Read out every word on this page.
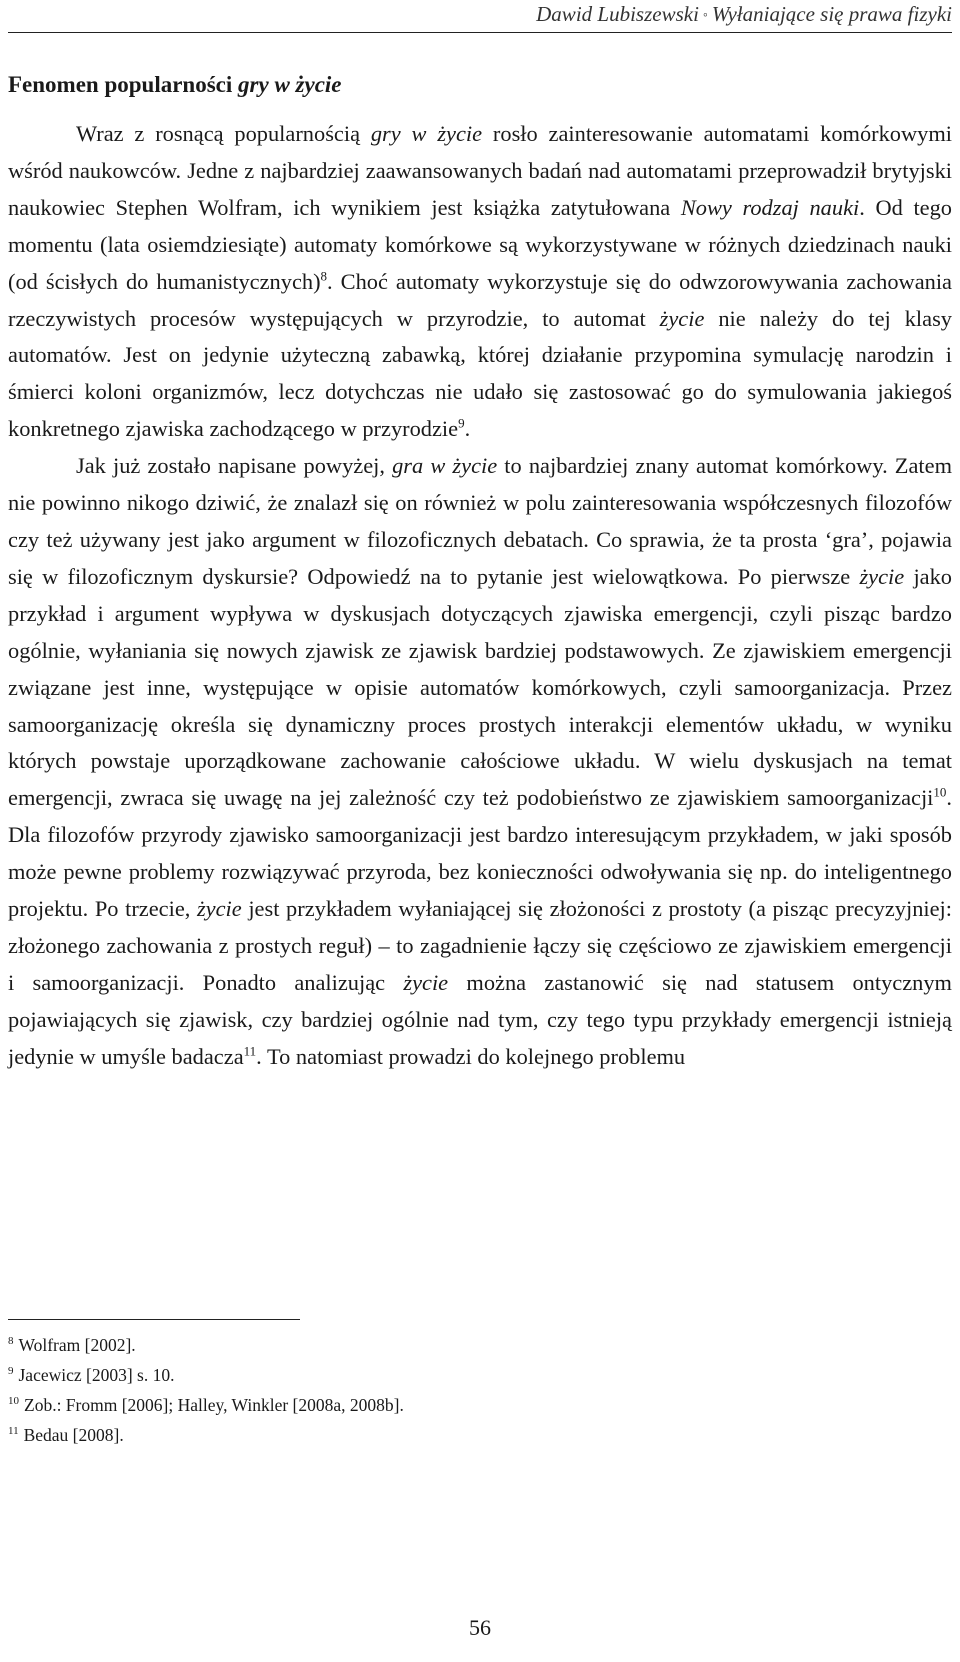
Dawid Lubiszewski ◦ Wyłaniające się prawa fizyki
Fenomen popularności gry w życie

Wraz z rosnącą popularnością gry w życie rosło zainteresowanie automatami komórkowymi wśród naukowców. Jedne z najbardziej zaawansowanych badań nad automatami przeprowadził brytyjski naukowiec Stephen Wolfram, ich wynikiem jest książka zatytułowana Nowy rodzaj nauki. Od tego momentu (lata osiemdziesiąte) automaty komórkowe są wykorzystywane w różnych dziedzinach nauki (od ścisłych do humanistycznych)$^8$. Choć automaty wykorzystuje się do odwzorowywania zachowania rzeczywistych procesów występujących w przyrodzie, to automat życie nie należy do tej klasy automatów. Jest on jedynie użyteczną zabawką, której działanie przypomina symulację narodzin i śmierci koloni organizmów, lecz dotychczas nie udało się zastosować go do symulowania jakiegoś konkretnego zjawiska zachodzącego w przyrodzie$^9$.

Jak już zostało napisane powyżej, gra w życie to najbardziej znany automat komórkowy. Zatem nie powinno nikogo dziwić, że znalazł się on również w polu zainteresowania współczesnych filozofów czy też używany jest jako argument w filozoficznych debatach. Co sprawia, że ta prosta ‘gra’, pojawia się w filozoficznym dyskursie? Odpowiedź na to pytanie jest wielowątkowa. Po pierwsze życie jako przykład i argument wypływa w dyskusjach dotyczących zjawiska emergencji, czyli pisząc bardzo ogólnie, wyłaniania się nowych zjawisk ze zjawisk bardziej podstawowych. Ze zjawiskiem emergencji związane jest inne, występujące w opisie automatów komórkowych, czyli samoorganizacja. Przez samoorganizację określa się dynamiczny proces prostych interakcji elementów układu, w wyniku których powstaje uporządkowane zachowanie całościowe układu. W wielu dyskusjach na temat emergencji, zwraca się uwagę na jej zależność czy też podobieństwo ze zjawiskiem samoorganizacji$^{10}$. Dla filozofów przyrody zjawisko samoorganizacji jest bardzo interesującym przykładem, w jaki sposób może pewne problemy rozwiązywać przyroda, bez konieczności odwoływania się np. do inteligentnego projektu. Po trzecie, życie jest przykładem wyłaniającej się złożoności z prostoty (a pisząc precyzyjniej: złożonego zachowania z prostych reguł) – to zagadnienie łączy się częściowo ze zjawiskiem emergencji i samoorganizacji. Ponadto analizując życie można zastanowić się nad statusem ontycznym pojawiających się zjawisk, czy bardziej ogólnie nad tym, czy tego typu przykłady emergencji istnieją jedynie w umyśle badacza$^{11}$. To natomiast prowadzi do kolejnego problemu

$^8$ Wolfram [2002].

$^9$ Jacewicz [2003] s. 10.

$^{10}$ Zob.: Fromm [2006]; Halley, Winkler [2008a, 2008b].

$^{11}$ Bedau [2008].

56
